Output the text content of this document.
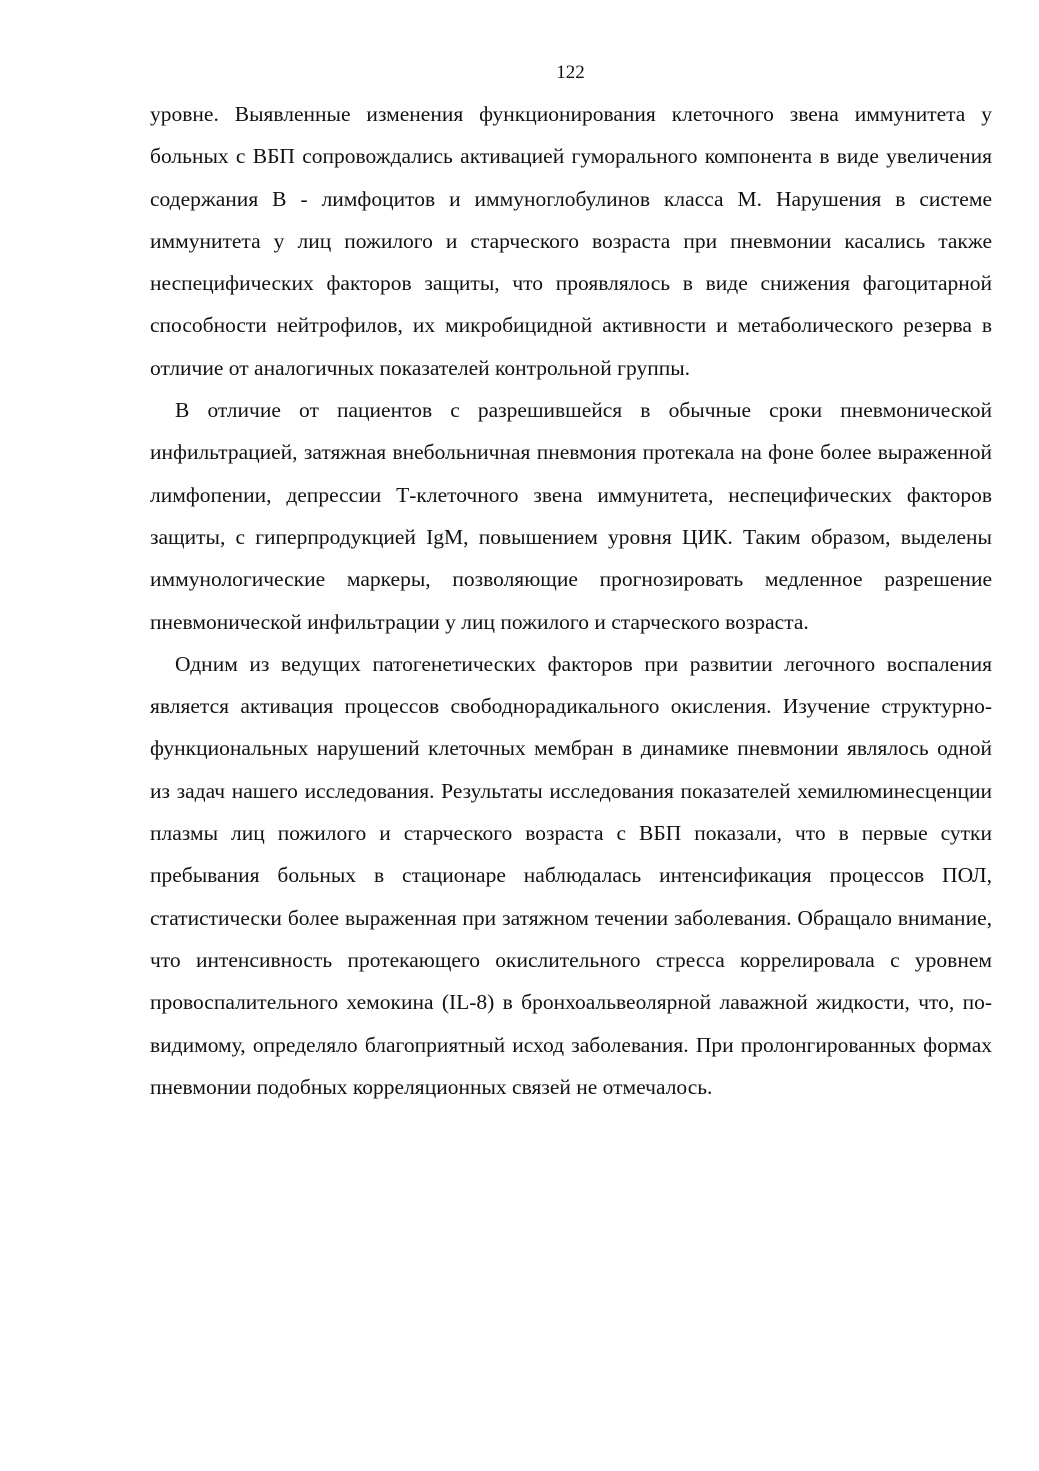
122

уровне. Выявленные изменения функционирования клеточного звена иммунитета у больных с ВБП сопровождались активацией гуморального компонента в виде увеличения содержания В - лимфоцитов и иммуноглобулинов класса М. Нарушения в системе иммунитета у лиц пожилого и старческого возраста при пневмонии касались также неспецифических факторов защиты, что проявлялось в виде снижения фагоцитарной способности нейтрофилов, их микробицидной активности и метаболического резерва в отличие от аналогичных показателей контрольной группы.

В отличие от пациентов с разрешившейся в обычные сроки пневмонической инфильтрацией, затяжная внебольничная пневмония протекала на фоне более выраженной лимфопении, депрессии Т-клеточного звена иммунитета, неспецифических факторов защиты, с гиперпродукцией IgM, повышением уровня ЦИК. Таким образом, выделены иммунологические маркеры, позволяющие прогнозировать медленное разрешение пневмонической инфильтрации у лиц пожилого и старческого возраста.

Одним из ведущих патогенетических факторов при развитии легочного воспаления является активация процессов свободнорадикального окисления. Изучение структурно-функциональных нарушений клеточных мембран в динамике пневмонии являлось одной из задач нашего исследования. Результаты исследования показателей хемилюминесценции плазмы лиц пожилого и старческого возраста с ВБП показали, что в первые сутки пребывания больных в стационаре наблюдалась интенсификация процессов ПОЛ, статистически более выраженная при затяжном течении заболевания. Обращало внимание, что интенсивность протекающего окислительного стресса коррелировала с уровнем провоспалительного хемокина (IL-8) в бронхоальвеолярной лаважной жидкости, что, по-видимому, определяло благоприятный исход заболевания. При пролонгированных формах пневмонии подобных корреляционных связей не отмечалось.
